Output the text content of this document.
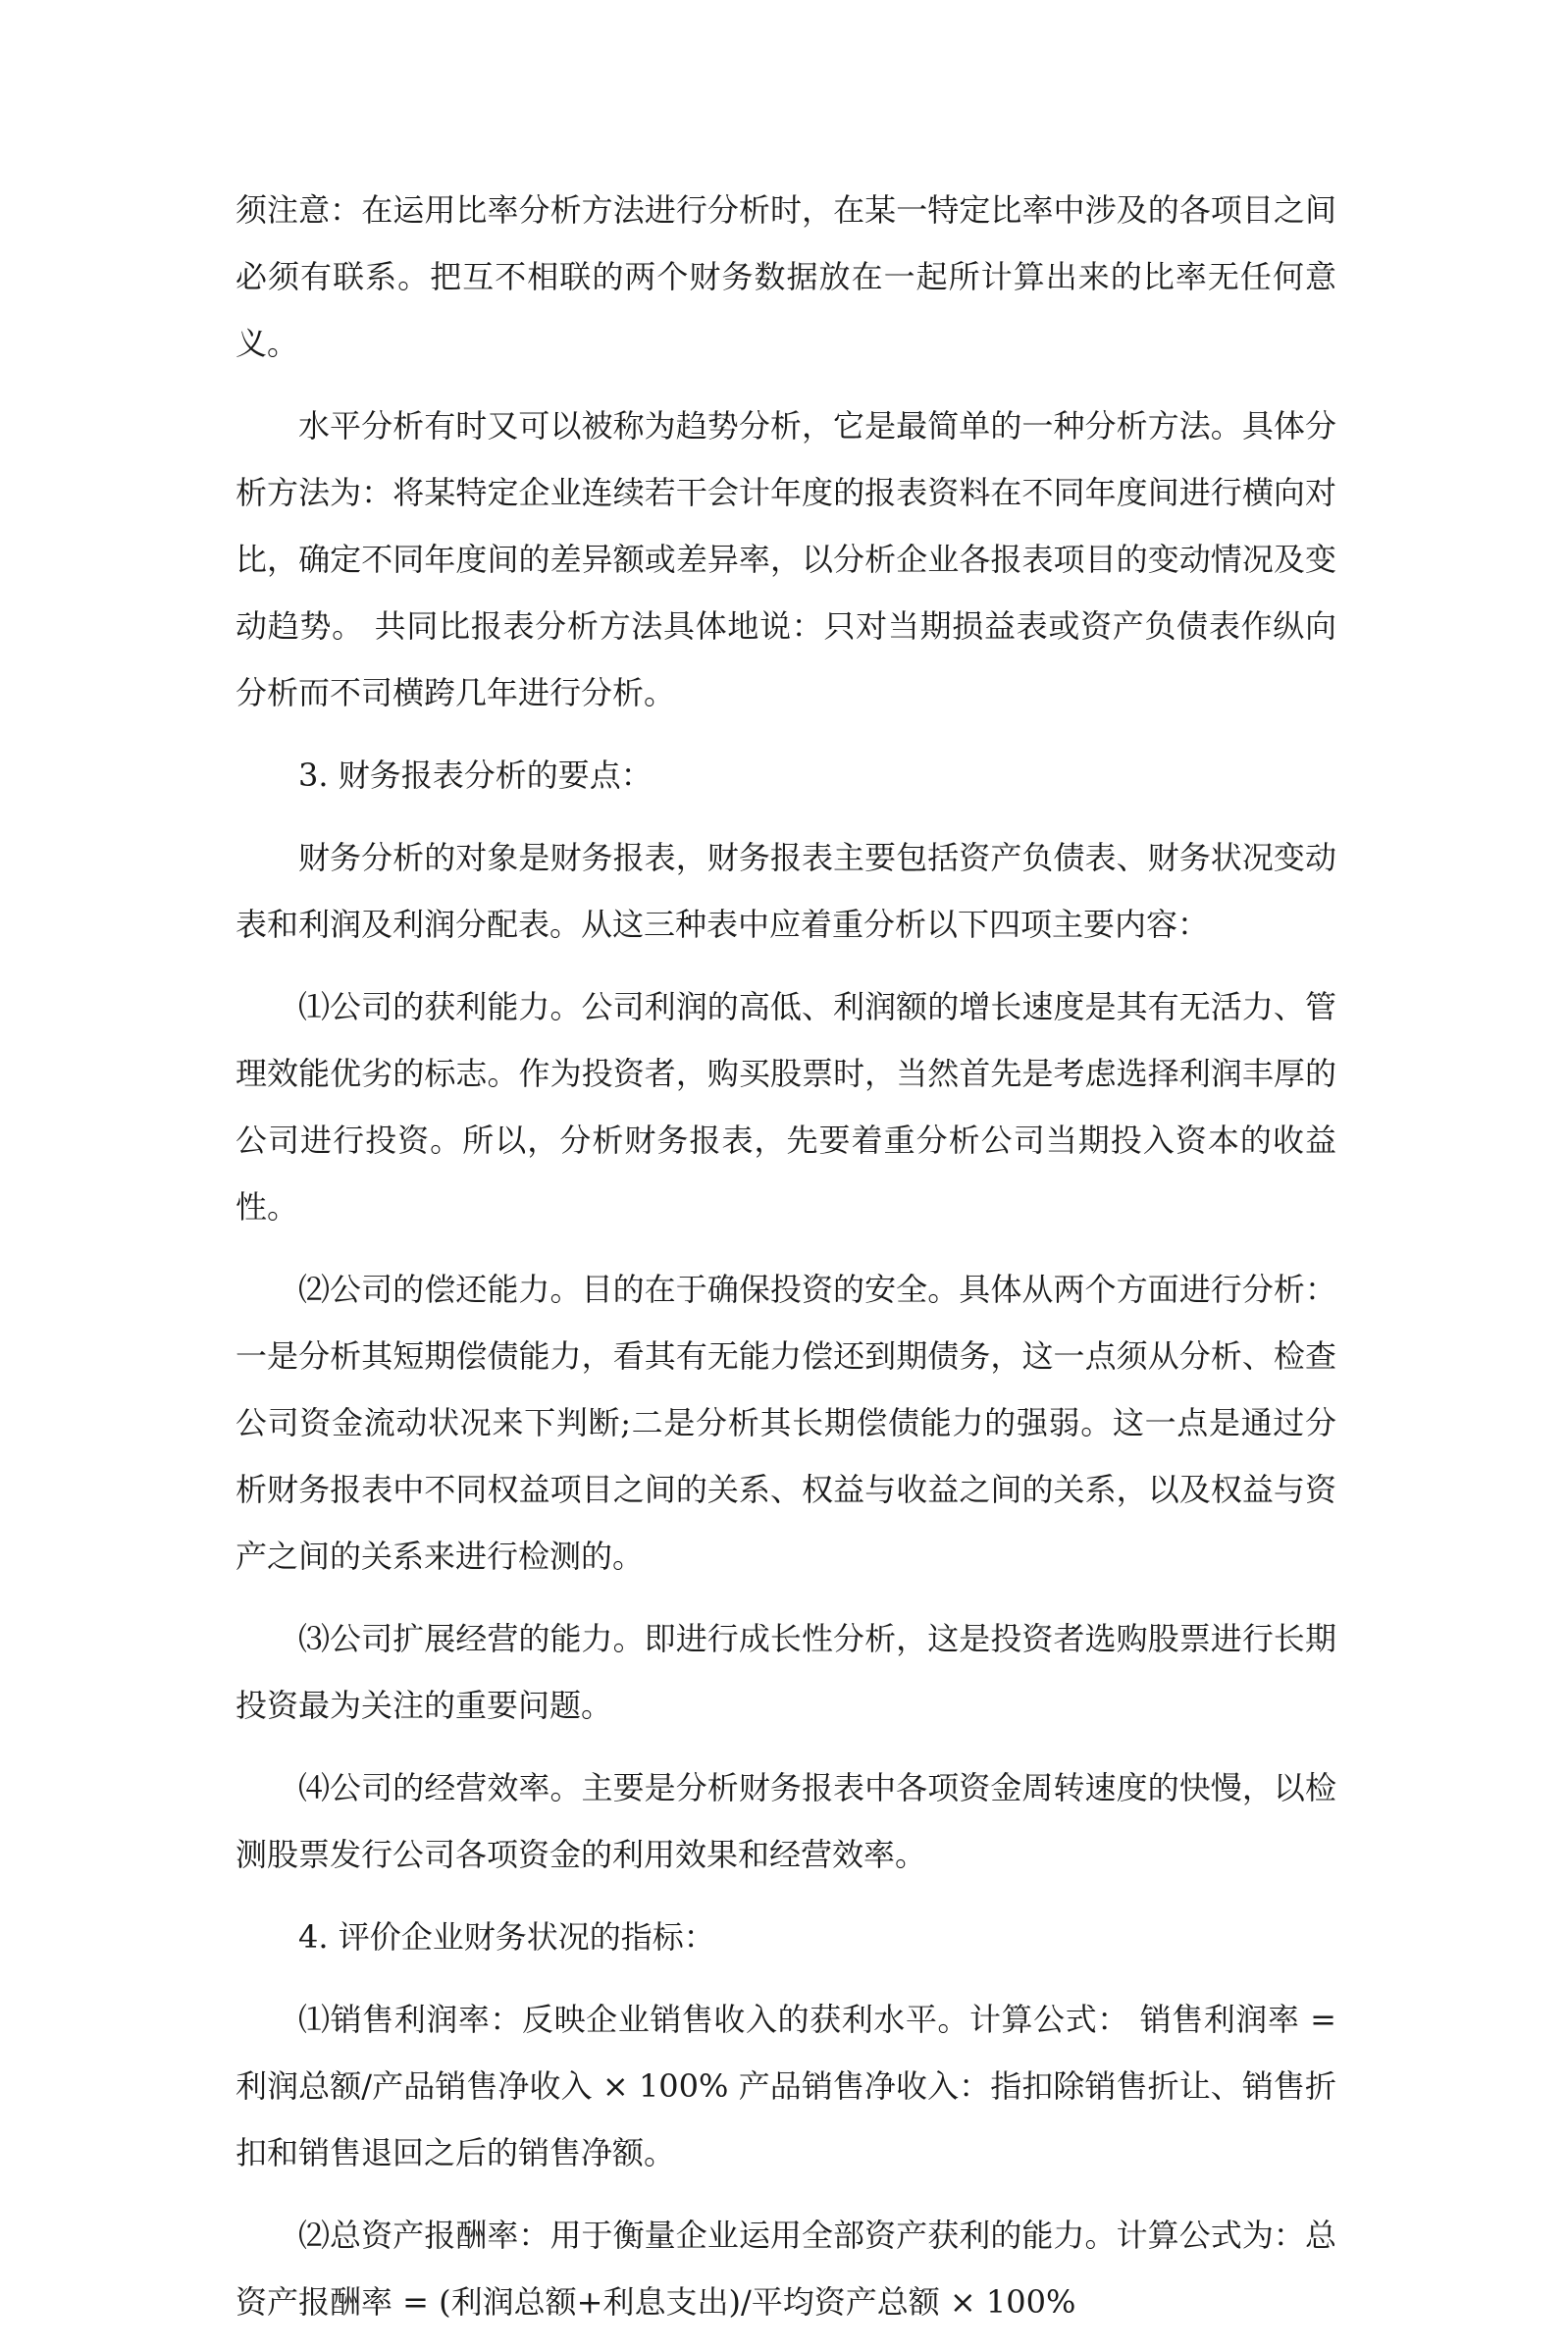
须注意：在运用比率分析方法进行分析时，在某一特定比率中涉及的各项目之间必须有联系。把互不相联的两个财务数据放在一起所计算出来的比率无任何意义。

水平分析有时又可以被称为趋势分析，它是最简单的一种分析方法。具体分析方法为：将某特定企业连续若干会计年度的报表资料在不同年度间进行横向对比，确定不同年度间的差异额或差异率，以分析企业各报表项目的变动情况及变动趋势。 共同比报表分析方法具体地说：只对当期损益表或资产负债表作纵向分析而不司横跨几年进行分析。

3. 财务报表分析的要点：

财务分析的对象是财务报表，财务报表主要包括资产负债表、财务状况变动表和利润及利润分配表。从这三种表中应着重分析以下四项主要内容：

⑴公司的获利能力。公司利润的高低、利润额的增长速度是其有无活力、管理效能优劣的标志。作为投资者，购买股票时，当然首先是考虑选择利润丰厚的公司进行投资。所以，分析财务报表，先要着重分析公司当期投入资本的收益性。

⑵公司的偿还能力。目的在于确保投资的安全。具体从两个方面进行分析：一是分析其短期偿债能力，看其有无能力偿还到期债务，这一点须从分析、检查公司资金流动状况来下判断;二是分析其长期偿债能力的强弱。这一点是通过分析财务报表中不同权益项目之间的关系、权益与收益之间的关系，以及权益与资产之间的关系来进行检测的。

⑶公司扩展经营的能力。即进行成长性分析，这是投资者选购股票进行长期投资最为关注的重要问题。

⑷公司的经营效率。主要是分析财务报表中各项资金周转速度的快慢，以检测股票发行公司各项资金的利用效果和经营效率。

4. 评价企业财务状况的指标：

⑴销售利润率：反映企业销售收入的获利水平。计算公式： 销售利润率 = 利润总额/产品销售净收入 × 100% 产品销售净收入：指扣除销售折让、销售折扣和销售退回之后的销售净额。

⑵总资产报酬率：用于衡量企业运用全部资产获利的能力。计算公式为：总资产报酬率 = (利润总额+利息支出)/平均资产总额 × 100%
